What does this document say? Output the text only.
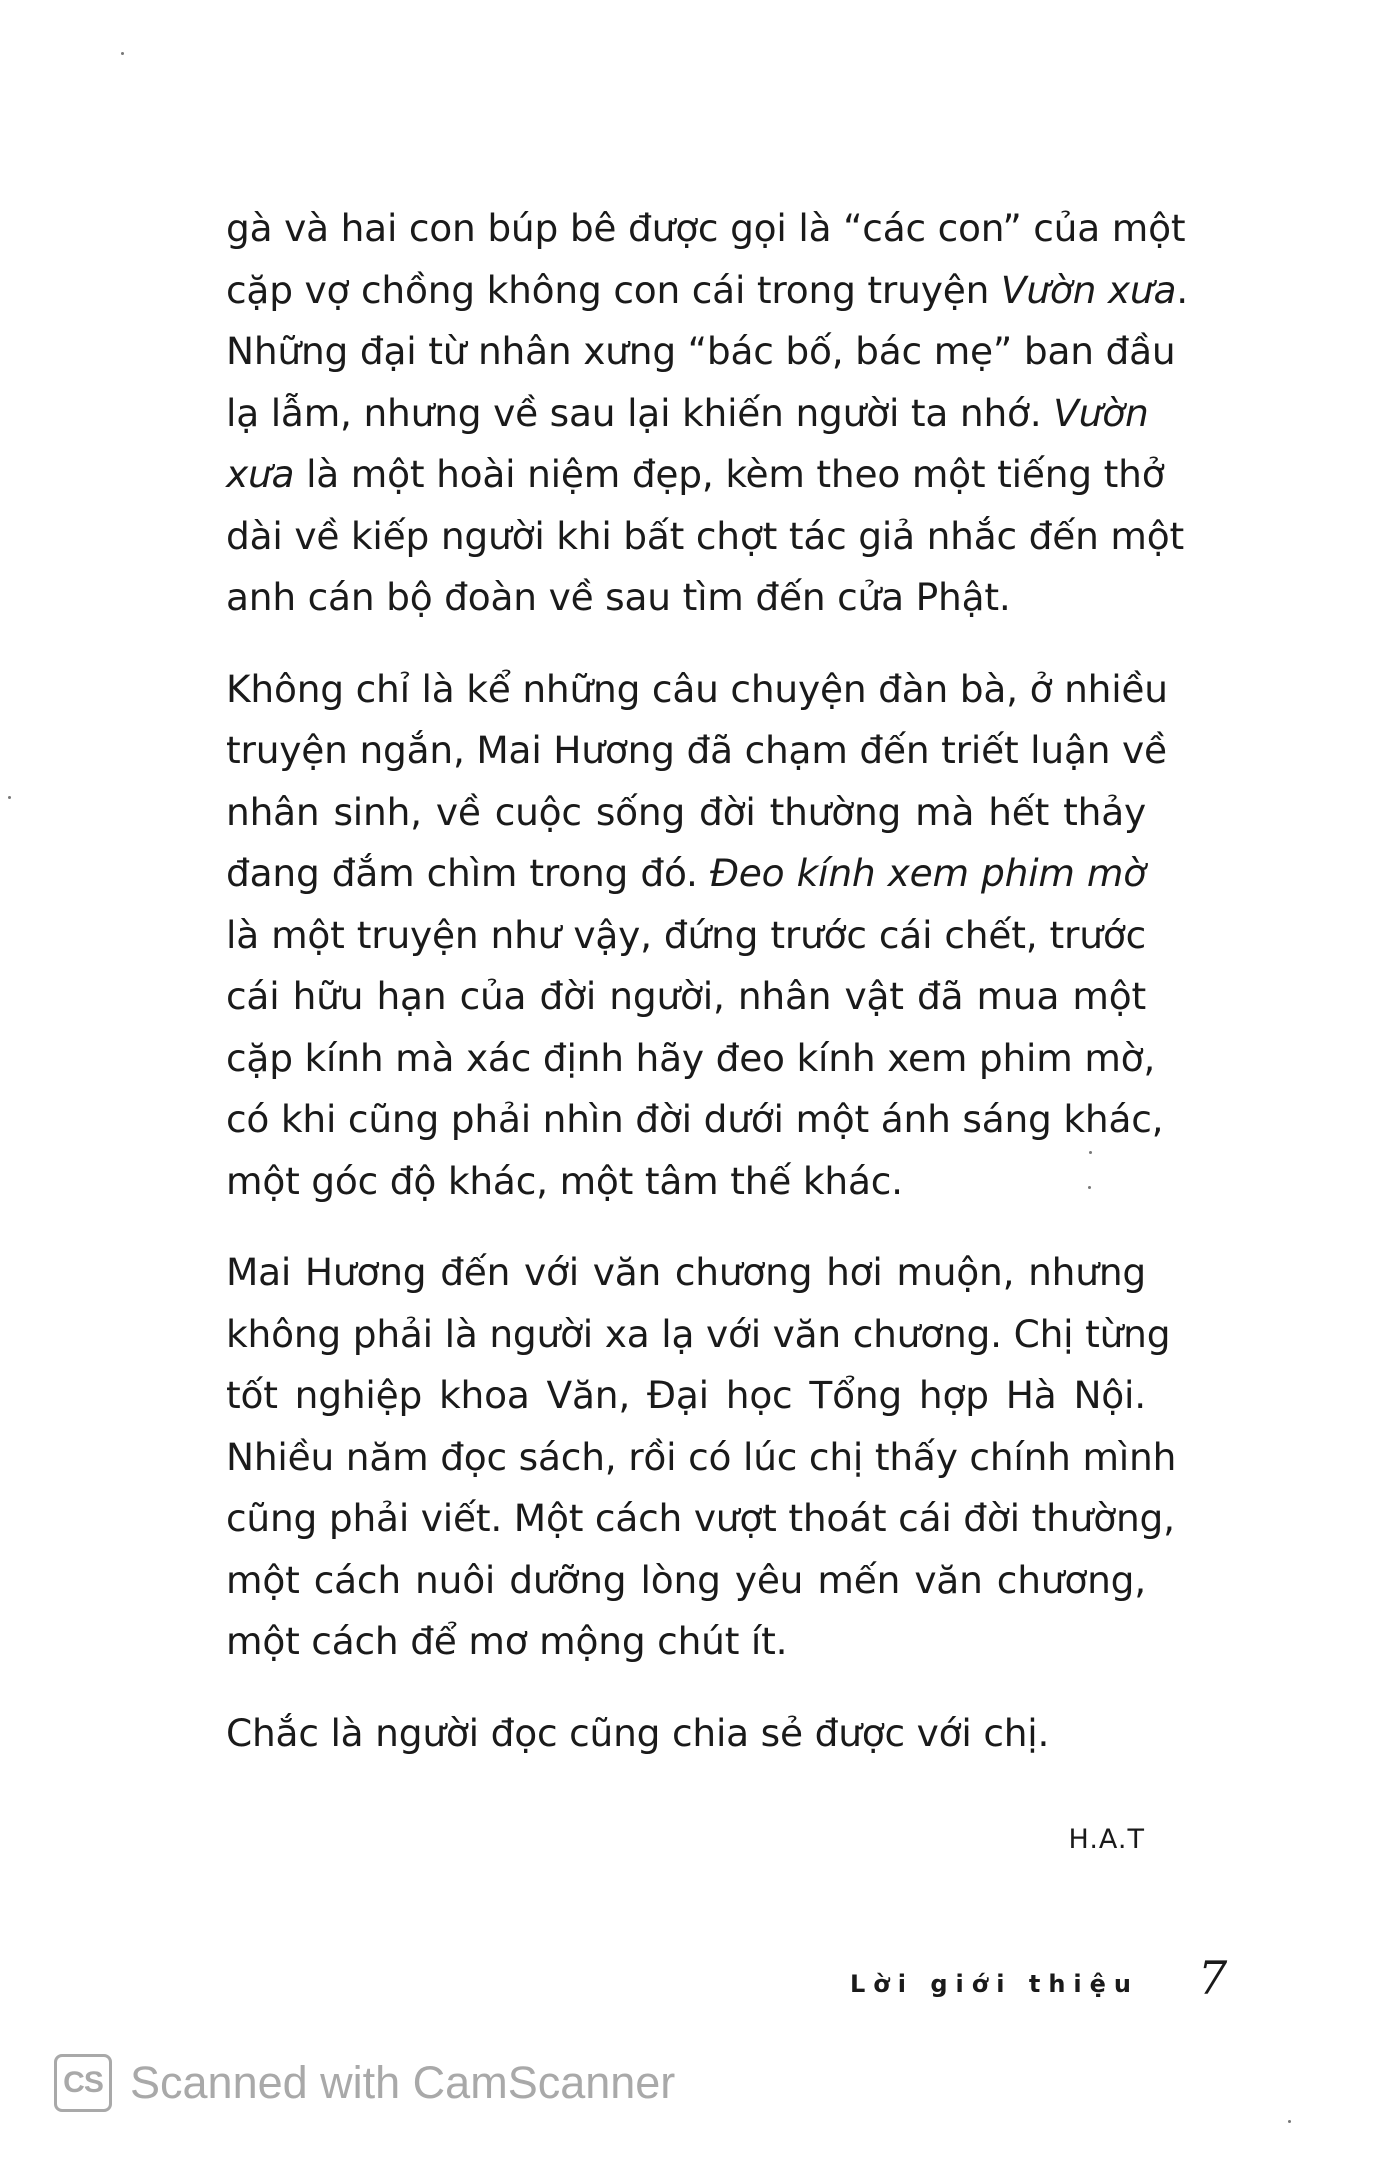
gà và hai con búp bê được gọi là “các con” của một
cặp vợ chồng không con cái trong truyện Vườn xưa.
Những đại từ nhân xưng “bác bố, bác mẹ” ban đầu
lạ lẫm, nhưng về sau lại khiến người ta nhớ. Vườn
xưa là một hoài niệm đẹp, kèm theo một tiếng thở
dài về kiếp người khi bất chợt tác giả nhắc đến một
anh cán bộ đoàn về sau tìm đến cửa Phật.
Không chỉ là kể những câu chuyện đàn bà, ở nhiều
truyện ngắn, Mai Hương đã chạm đến triết luận về
nhân sinh, về cuộc sống đời thường mà hết thảy
đang đắm chìm trong đó. Đeo kính xem phim mờ
là một truyện như vậy, đứng trước cái chết, trước
cái hữu hạn của đời người, nhân vật đã mua một
cặp kính mà xác định hãy đeo kính xem phim mờ,
có khi cũng phải nhìn đời dưới một ánh sáng khác,
một góc độ khác, một tâm thế khác.
Mai Hương đến với văn chương hơi muộn, nhưng
không phải là người xa lạ với văn chương. Chị từng
tốt nghiệp khoa Văn, Đại học Tổng hợp Hà Nội.
Nhiều năm đọc sách, rồi có lúc chị thấy chính mình
cũng phải viết. Một cách vượt thoát cái đời thường,
một cách nuôi dưỡng lòng yêu mến văn chương,
một cách để mơ mộng chút ít.
Chắc là người đọc cũng chia sẻ được với chị.
H.A.T
Lời giới thiệu 7
CS Scanned with CamScanner
